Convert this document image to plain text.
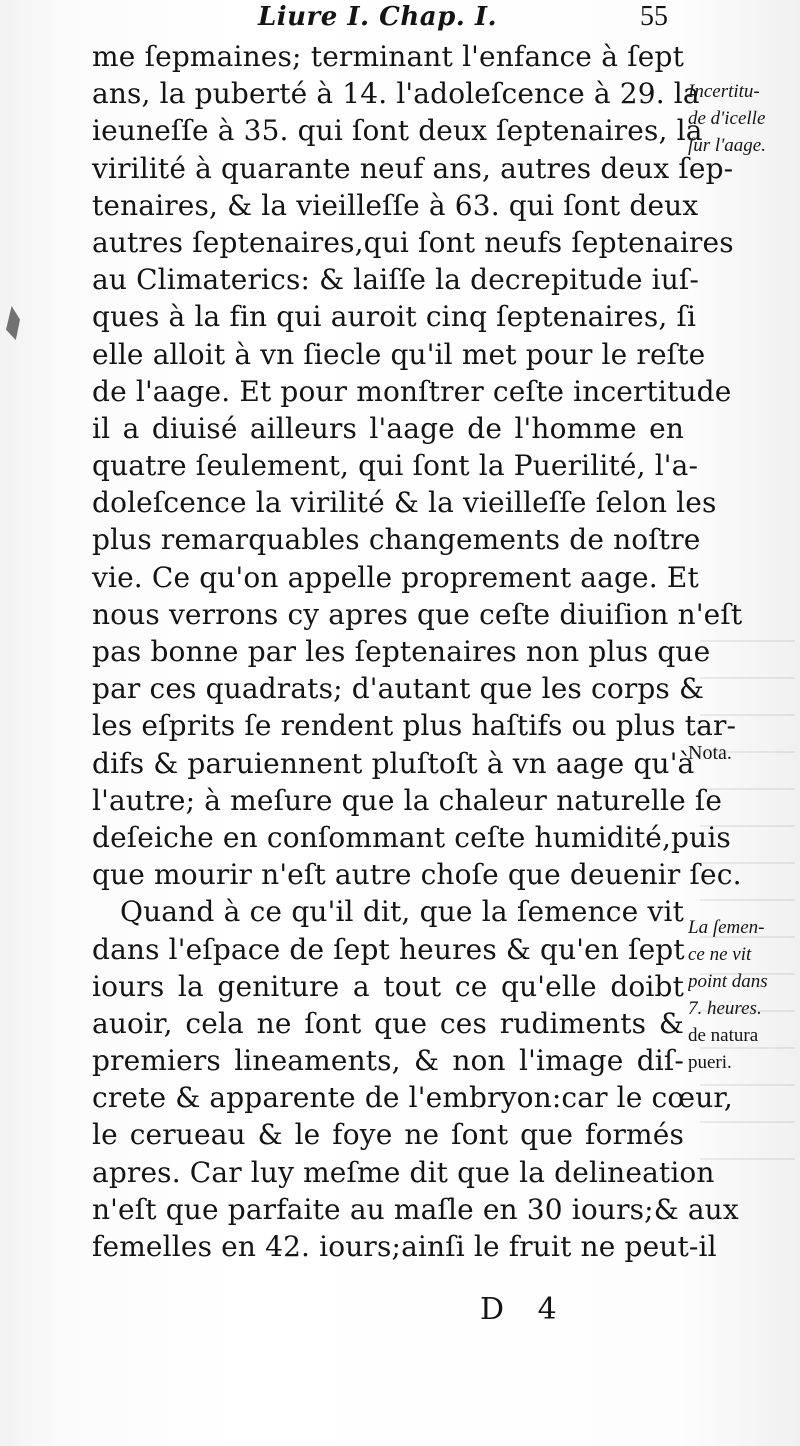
Liure I. Chap. I.	55
me ſepmaines; terminant l'enfance à ſept
ans, la puberté à 14. l'adoleſcence à 29. la
ieuneſſe à 35. qui ſont deux ſeptenaires, la
virilité à quarante neuf ans, autres deux ſep-
tenaires, & la vieilleſſe à 63. qui ſont deux
autres ſeptenaires,qui ſont neufs ſeptenaires
au Climaterics: & laiſſe la decrepitude iuſ-
ques à la fin qui auroit cinq ſeptenaires, ſi
elle alloit à vn ſiecle qu'il met pour le reſte
de l'aage. Et pour monſtrer ceſte incertitude
il a diuisé ailleurs l'aage de l'homme en
quatre ſeulement, qui ſont la Puerilité, l'a-
doleſcence la virilité & la vieilleſſe ſelon les
plus remarquables changements de noſtre
vie. Ce qu'on appelle proprement aage. Et
nous verrons cy apres que ceſte diuiſion n'eſt
pas bonne par les ſeptenaires non plus que
par ces quadrats; d'autant que les corps &
les eſprits ſe rendent plus haſtifs ou plus tar-
difs & paruiennent pluſtoſt à vn aage qu'à
l'autre; à meſure que la chaleur naturelle ſe
deſeiche en conſommant ceſte humidité,puis
que mourir n'eſt autre choſe que deuenir ſec.
Quand à ce qu'il dit, que la ſemence vit
dans l'eſpace de ſept heures & qu'en ſept
iours la geniture a tout ce qu'elle doibt
auoir, cela ne ſont que ces rudiments &
premiers lineaments, & non l'image diſ-
crete & apparente de l'embryon:car le cœur,
le cerueau & le foye ne ſont que formés
apres. Car luy meſme dit que la delineation
n'eſt que parfaite au maſle en 30 iours;& aux
femelles en 42. iours;ainſi le fruit ne peut-il
Incertitu-
de d'icelle
ſur l'aage.
Nota.
La ſemen-
ce ne vit
point dans
7. heures.
de natura
pueri.
D 4
